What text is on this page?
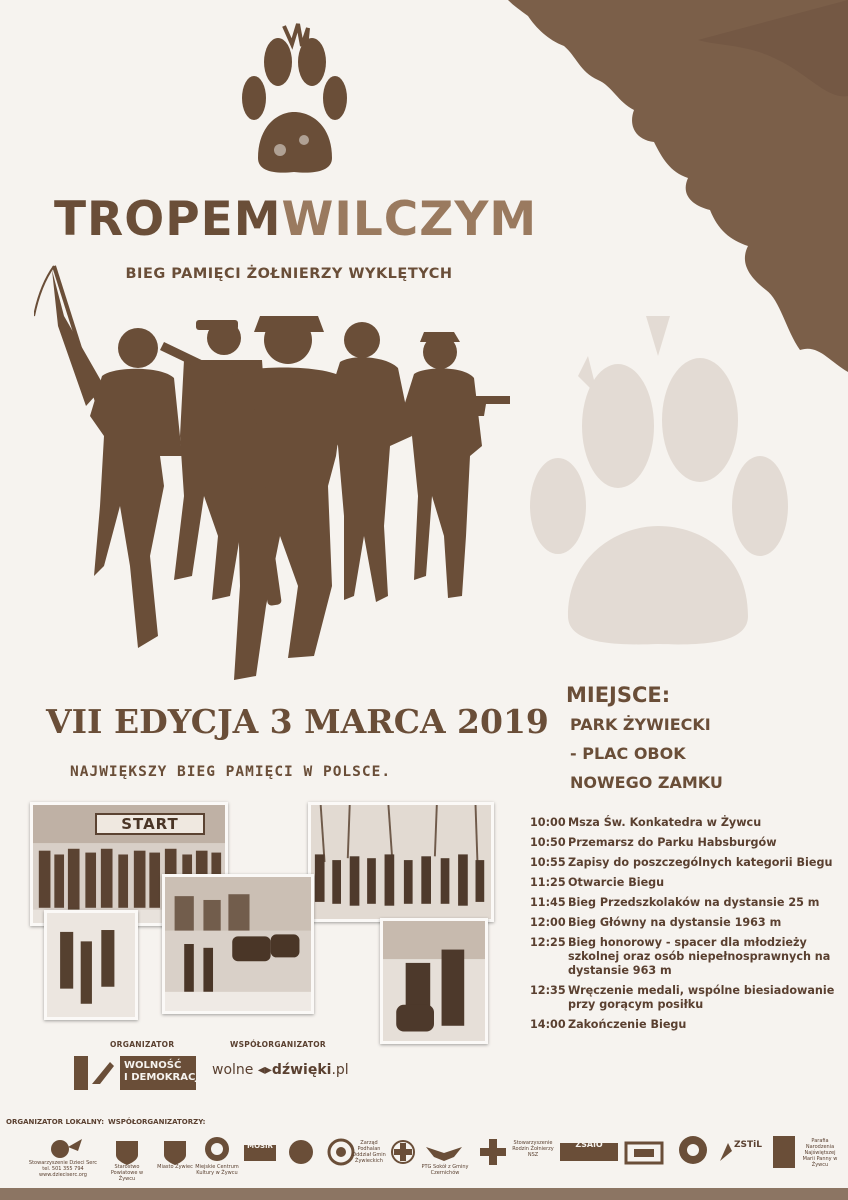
TROPEMWILCZYM
BIEG PAMIĘCI ŻOŁNIERZY WYKLĘTYCH
VII EDYCJA 3 MARCA 2019
NAJWIĘKSZY BIEG PAMIĘCI W POLSCE.
MIEJSCE:
PARK ŻYWIECKI
- PLAC OBOK
NOWEGO ZAMKU
10:00 Msza Św. Konkatedra w Żywcu
10:50 Przemarsz do Parku Habsburgów
10:55 Zapisy do poszczególnych kategorii Biegu
11:25 Otwarcie Biegu
11:45 Bieg Przedszkolaków na dystansie 25 m
12:00 Bieg Główny na dystansie 1963 m
12:25 Bieg honorowy - spacer dla młodzieży szkolnej oraz osób niepełnosprawnych na dystansie 963 m
12:35 Wręczenie medali, wspólne biesiadowanie przy gorącym posiłku
14:00 Zakończenie Biegu
START
ORGANIZATOR	WSPÓŁORGANIZATOR
FUNDACJA	WOLNOŚĆ
I DEMOKRACJA wolne ◂▸dźwięki.pl
ORGANIZATOR LOKALNY: WSPÓŁORGANIZATORZY:
Stowarzyszenie Dzieci Serc
tel. 501 355 794
www.dzieciserc.org
Starostwo Powiatowe w Żywcu
Miasto Żywiec Miejskie Centrum Kultury w Żywcu
MOSiR	Zarząd Podhalan Oddział Gmin Żywieckich
PTG Sokół z Gminy Czernichów
Stowarzyszenie Rodzin Żołnierzy NSZ
ZSAiO	ZSTiL	Parafia Narodzenia Najświętszej Marii Panny w Żywcu
